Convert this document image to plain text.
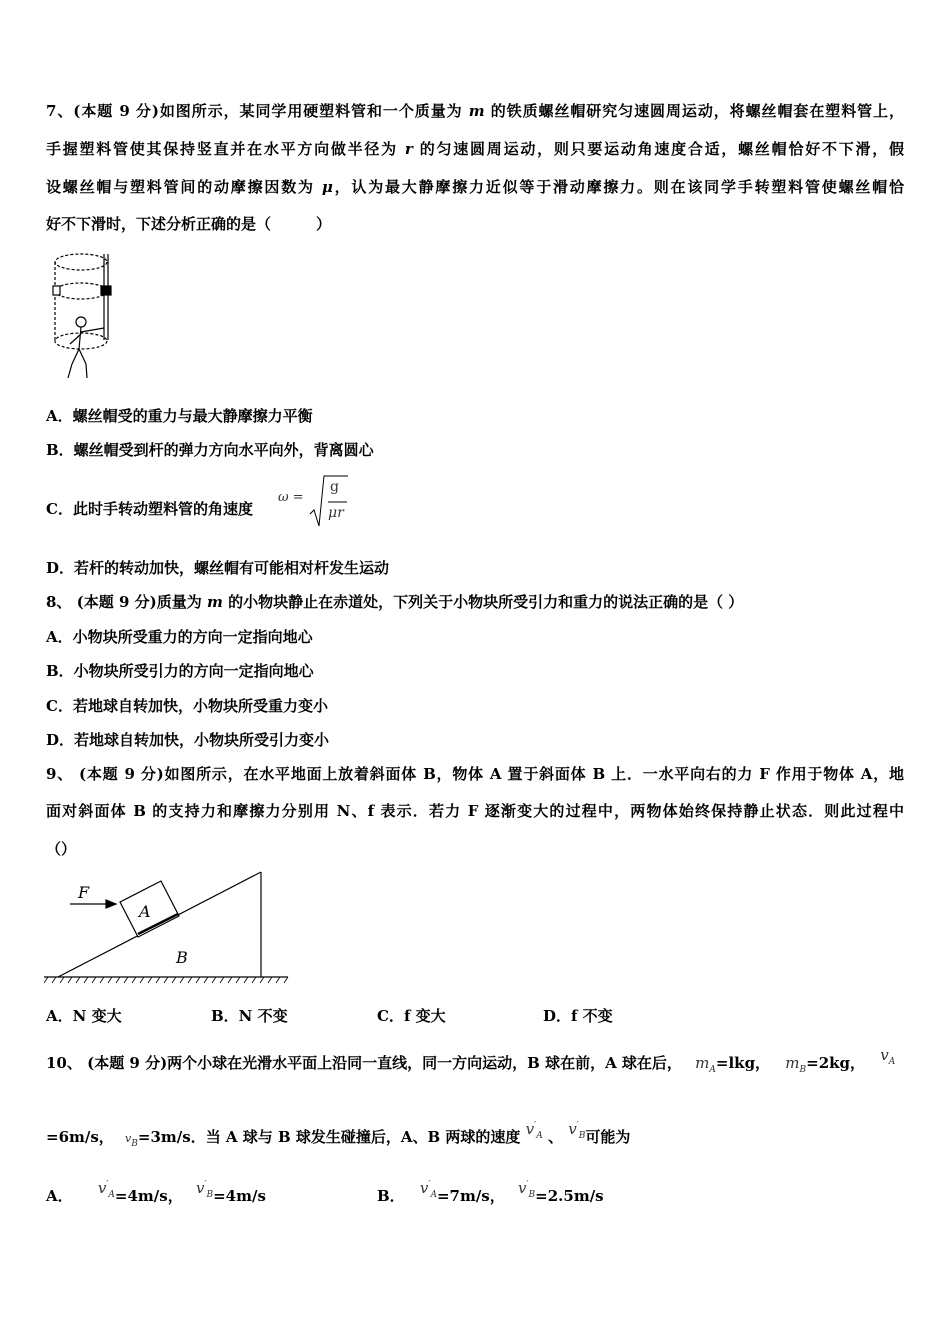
7、(本题 9 分)如图所示，某同学用硬塑料管和一个质量为 m 的铁质螺丝帽研究匀速圆周运动，将螺丝帽套在塑料管上，
手握塑料管使其保持竖直并在水平方向做半径为 r 的匀速圆周运动，则只要运动角速度合适，螺丝帽恰好不下滑，假
设螺丝帽与塑料管间的动摩擦因数为 μ，认为最大静摩擦力近似等于滑动摩擦力。则在该同学手转塑料管使螺丝帽恰
好不下滑时，下述分析正确的是（　　　）
A．螺丝帽受的重力与最大静摩擦力平衡
B．螺丝帽受到杆的弹力方向水平向外，背离圆心
C．此时手转动塑料管的角速度
ω =
g
μr
D．若杆的转动加快，螺丝帽有可能相对杆发生运动
8、 (本题 9 分)质量为 m 的小物块静止在赤道处，下列关于小物块所受引力和重力的说法正确的是（ ）
A．小物块所受重力的方向一定指向地心
B．小物块所受引力的方向一定指向地心
C．若地球自转加快，小物块所受重力变小
D．若地球自转加快，小物块所受引力变小
9、 (本题 9 分)如图所示，在水平地面上放着斜面体 B，物体 A 置于斜面体 B 上．一水平向右的力 F 作用于物体 A，地
面对斜面体 B 的支持力和摩擦力分别用 N、f 表示．若力 F 逐渐变大的过程中，两物体始终保持静止状态．则此过程中
（）
F
A
B
A．N 变大	B．N 不变	C．f 变大	D．f 不变
10、 (本题 9 分)两个小球在光滑水平面上沿同一直线，同一方向运动，B 球在前，A 球在后， $m_A=lkg$， $m_B=2kg$， $v_A$
=6m/s， $v_B=3m/s$．当 A 球与 B 球发生碰撞后，A、B 两球的速度 $v'_A$ 、 $v'_B$可能为
A． $v'_A=4m/s$， $v'_B=4m/s$	B． $v'_A=7m/s$， $v'_B=2.5m/s$
